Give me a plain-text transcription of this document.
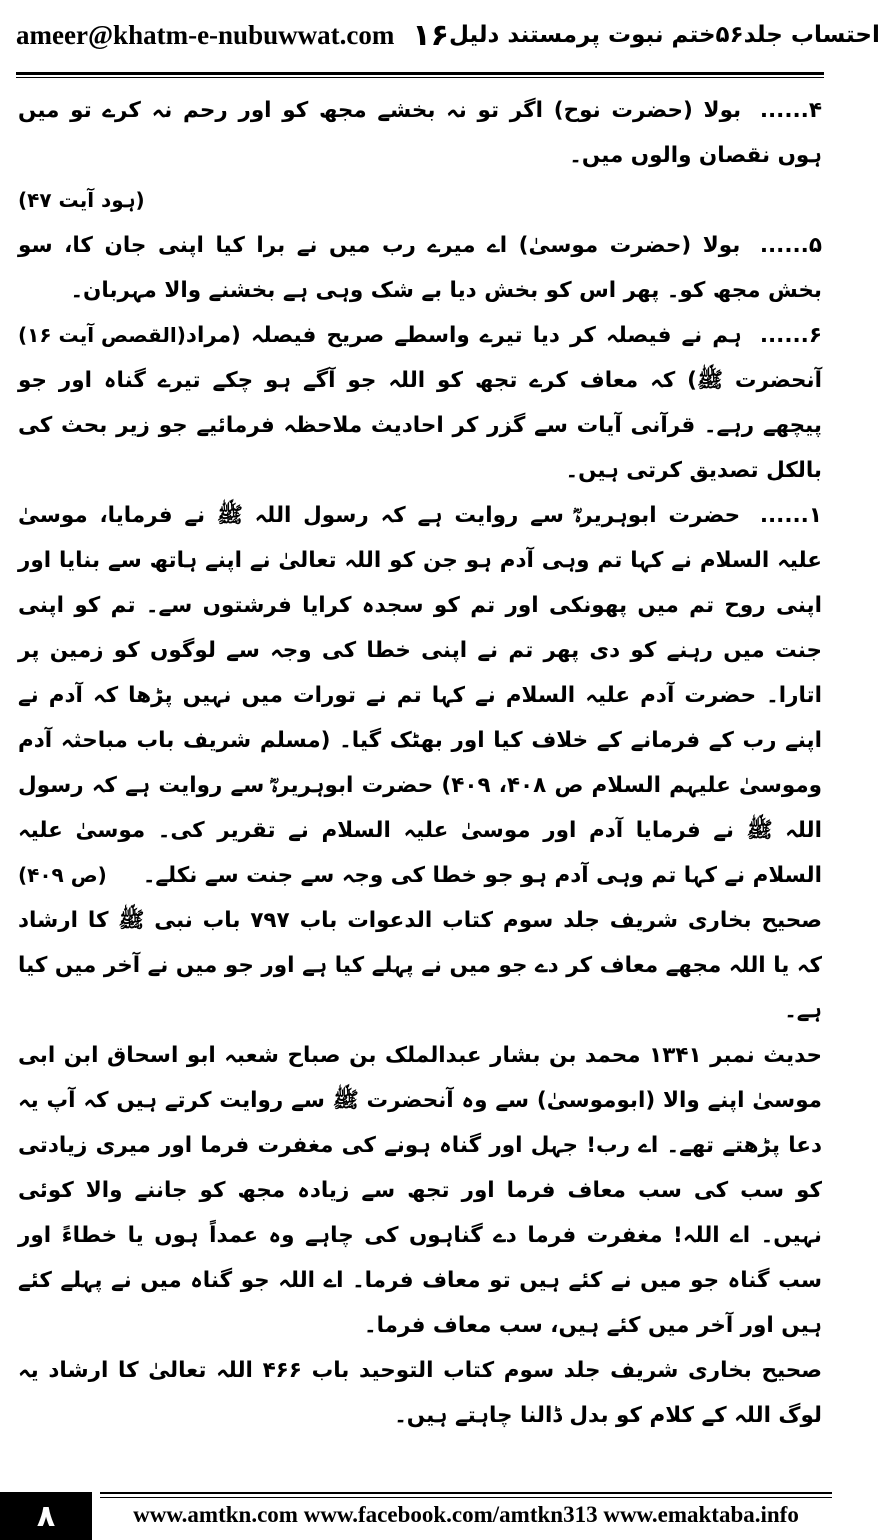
ameer@khatm-e-nubuwwat.com ۱۶ احتساب جلد۵۶ختم نبوت پرمستند دلیل

۴...... بولا (حضرت نوح) اگر تو نہ بخشے مجھ کو اور رحم نہ کرے تو میں ہوں نقصان والوں میں۔

(ہود آیت ۴۷)

۵...... بولا (حضرت موسیٰ) اے میرے رب میں نے برا کیا اپنی جان کا، سو بخش مجھ کو۔ پھر اس کو بخش دیا بے شک وہی ہے بخشنے والا مہربان۔
(القصص آیت ۱۶)	۶...... ہم نے فیصلہ کر دیا تیرے واسطے صریح فیصلہ (مراد آنحضرت ﷺ) کہ معاف کرے تجھ کو اللہ جو آگے ہو چکے تیرے گناہ اور جو پیچھے رہے۔ قرآنی آیات سے گزر کر احادیث ملاحظہ فرمائیے جو زیر بحث کی بالکل تصدیق کرتی ہیں۔

۱...... حضرت ابوہریرہؓ سے روایت ہے کہ رسول اللہ ﷺ نے فرمایا، موسیٰ علیہ السلام نے کہا تم وہی آدم ہو جن کو اللہ تعالیٰ نے اپنے ہاتھ سے بنایا اور اپنی روح تم میں پھونکی اور تم کو سجدہ کرایا فرشتوں سے۔ تم کو اپنی جنت میں رہنے کو دی پھر تم نے اپنی خطا کی وجہ سے لوگوں کو زمین پر اتارا۔ حضرت آدم علیہ السلام نے کہا تم نے تورات میں نہیں پڑھا کہ آدم نے اپنے رب کے فرمانے کے خلاف کیا اور بھٹک گیا۔ (مسلم شریف باب مباحثہ آدم وموسیٰ علیہم السلام ص ۴۰۸، ۴۰۹) حضرت ابوہریرہؓ سے روایت ہے کہ رسول اللہ ﷺ نے فرمایا آدم اور موسیٰ علیہ السلام نے تقریر کی۔ موسیٰ علیہ السلام نے کہا تم وہی آدم ہو جو خطا کی وجہ سے جنت سے نکلے۔
(ص ۴۰۹)

صحیح بخاری شریف جلد سوم کتاب الدعوات باب ۷۹۷ باب نبی ﷺ کا ارشاد کہ یا اللہ مجھے معاف کر دے جو میں نے پہلے کیا ہے اور جو میں نے آخر میں کیا ہے۔

حدیث نمبر ۱۳۴۱ محمد بن بشار عبدالملک بن صباح شعبہ ابو اسحاق ابن ابی موسیٰ اپنے والا (ابوموسیٰ) سے وہ آنحضرت ﷺ سے روایت کرتے ہیں کہ آپ یہ دعا پڑھتے تھے۔ اے رب! جہل اور گناہ ہونے کی مغفرت فرما اور میری زیادتی کو سب کی سب معاف فرما اور تجھ سے زیادہ مجھ کو جاننے والا کوئی نہیں۔ اے اللہ! مغفرت فرما دے گناہوں کی چاہے وہ عمداً ہوں یا خطاءً اور سب گناہ جو میں نے کئے ہیں تو معاف فرما۔ اے اللہ جو گناہ میں نے پہلے کئے ہیں اور آخر میں کئے ہیں، سب معاف فرما۔

صحیح بخاری شریف جلد سوم کتاب التوحید باب ۴۶۶ اللہ تعالیٰ کا ارشاد یہ لوگ اللہ کے کلام کو بدل ڈالنا چاہتے ہیں۔

۸	www.amtkn.com www.facebook.com/amtkn313 www.emaktaba.info
